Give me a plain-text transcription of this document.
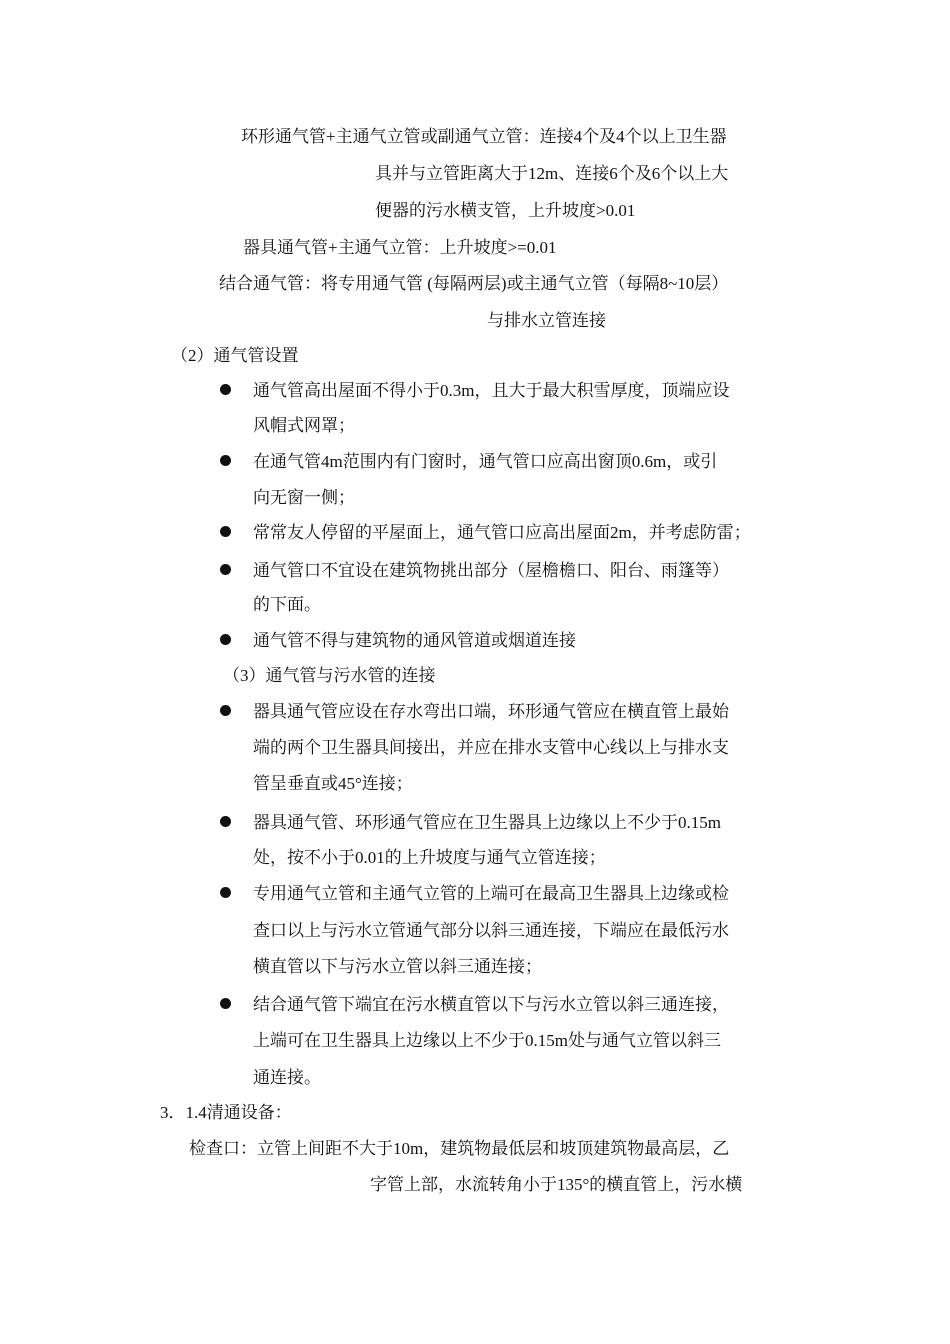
环形通气管+主通气立管或副通气立管：连接4个及4个以上卫生器
具并与立管距离大于12m、连接6个及6个以上大
便器的污水横支管，上升坡度>0.01
器具通气管+主通气立管：上升坡度>=0.01
结合通气管：将专用通气管 (每隔两层)或主通气立管（每隔8~10层）
与排水立管连接
（2）通气管设置
通气管高出屋面不得小于0.3m，且大于最大积雪厚度，顶端应设
风帽式网罩；
在通气管4m范围内有门窗时，通气管口应高出窗顶0.6m，或引
向无窗一侧；
常常友人停留的平屋面上，通气管口应高出屋面2m，并考虑防雷；
通气管口不宜设在建筑物挑出部分（屋檐檐口、阳台、雨篷等）
的下面。
通气管不得与建筑物的通风管道或烟道连接
（3）通气管与污水管的连接
器具通气管应设在存水弯出口端，环形通气管应在横直管上最始
端的两个卫生器具间接出，并应在排水支管中心线以上与排水支
管呈垂直或45°连接；
器具通气管、环形通气管应在卫生器具上边缘以上不少于0.15m
处，按不小于0.01的上升坡度与通气立管连接；
专用通气立管和主通气立管的上端可在最高卫生器具上边缘或检
查口以上与污水立管通气部分以斜三通连接，下端应在最低污水
横直管以下与污水立管以斜三通连接；
结合通气管下端宜在污水横直管以下与污水立管以斜三通连接，
上端可在卫生器具上边缘以上不少于0.15m处与通气立管以斜三
通连接。
3．1.4清通设备：
检查口：立管上间距不大于10m，建筑物最低层和坡顶建筑物最高层，乙
字管上部，水流转角小于135°的横直管上，污水横
